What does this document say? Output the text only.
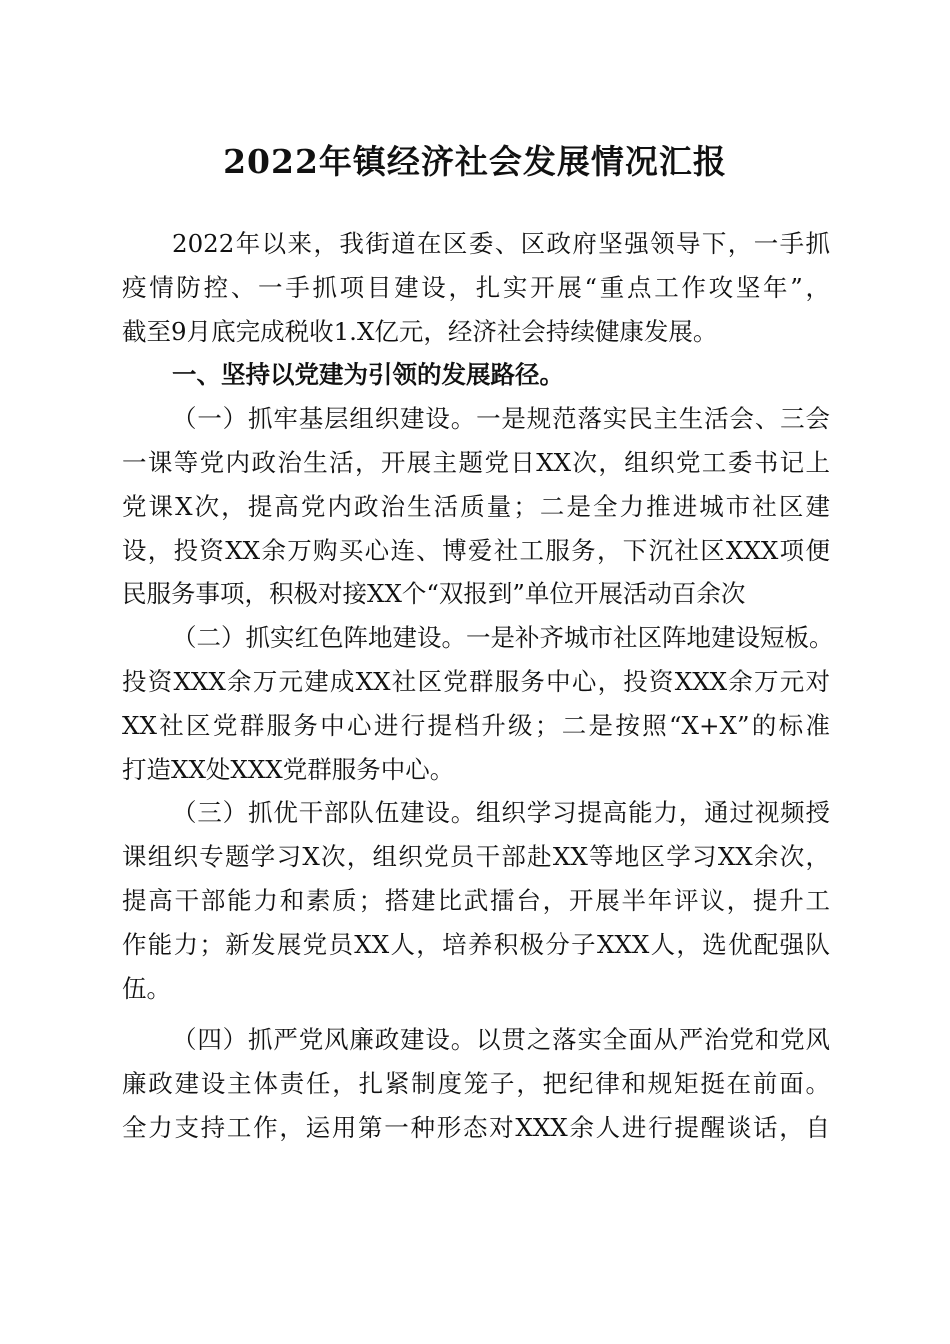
2022年镇经济社会发展情况汇报
2022年以来，我街道在区委、区政府坚强领导下，一手抓
疫情防控、一手抓项目建设，扎实开展“重点工作攻坚年”，
截至9月底完成税收1.X亿元，经济社会持续健康发展。
一、坚持以党建为引领的发展路径。
（一）抓牢基层组织建设。一是规范落实民主生活会、三会
一课等党内政治生活，开展主题党日XX次，组织党工委书记上
党课X次，提高党内政治生活质量；二是全力推进城市社区建
设，投资XX余万购买心连、博爱社工服务，下沉社区XXX项便
民服务事项，积极对接XX个“双报到”单位开展活动百余次
（二）抓实红色阵地建设。一是补齐城市社区阵地建设短板。
投资XXX余万元建成XX社区党群服务中心，投资XXX余万元对
XX社区党群服务中心进行提档升级；二是按照“X+X”的标准
打造XX处XXX党群服务中心。
（三）抓优干部队伍建设。组织学习提高能力，通过视频授
课组织专题学习X次，组织党员干部赴XX等地区学习XX余次，
提高干部能力和素质；搭建比武擂台，开展半年评议，提升工
作能力；新发展党员XX人，培养积极分子XXX人，选优配强队
伍。
（四）抓严党风廉政建设。以贯之落实全面从严治党和党风
廉政建设主体责任，扎紧制度笼子，把纪律和规矩挺在前面。
全力支持工作，运用第一种形态对XXX余人进行提醒谈话，自
